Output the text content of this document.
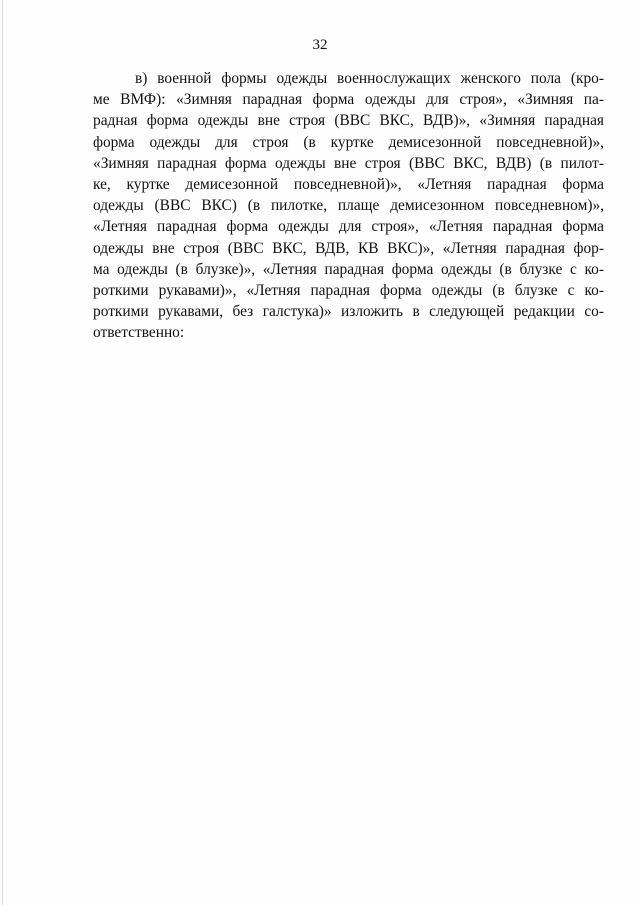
32
в) военной формы одежды военнослужащих женского пола (кро-
ме ВМФ): «Зимняя парадная форма одежды для строя», «Зимняя па-
радная форма одежды вне строя (ВВС ВКС, ВДВ)», «Зимняя парадная
форма одежды для строя (в куртке демисезонной повседневной)»,
«Зимняя парадная форма одежды вне строя (ВВС ВКС, ВДВ) (в пилот-
ке, куртке демисезонной повседневной)», «Летняя парадная форма
одежды (ВВС ВКС) (в пилотке, плаще демисезонном повседневном)»,
«Летняя парадная форма одежды для строя», «Летняя парадная форма
одежды вне строя (ВВС ВКС, ВДВ, КВ ВКС)», «Летняя парадная фор-
ма одежды (в блузке)», «Летняя парадная форма одежды (в блузке с ко-
роткими рукавами)», «Летняя парадная форма одежды (в блузке с ко-
роткими рукавами, без галстука)» изложить в следующей редакции со-
ответственно:
